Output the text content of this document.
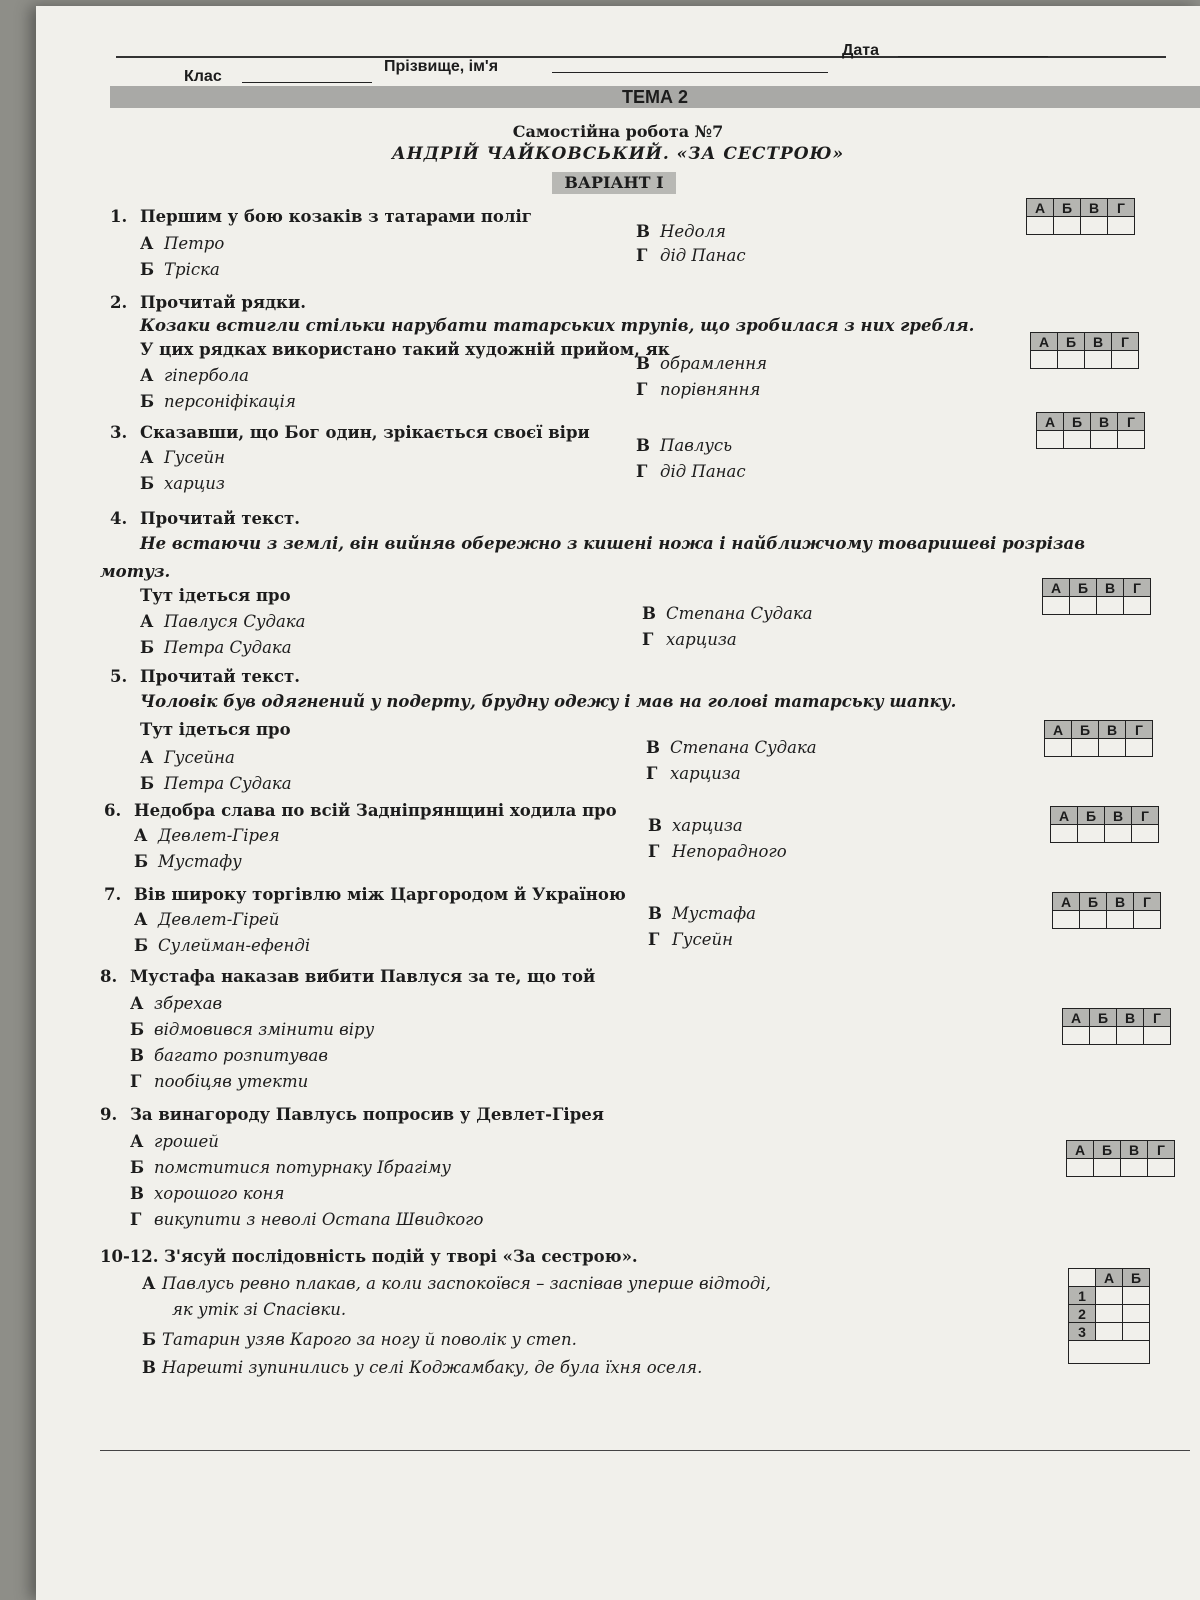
Клас
Прізвище, ім'я
Дата
ТЕМА 2
Самостійна робота №7
АНДРІЙ ЧАЙКОВСЬКИЙ. «ЗА СЕСТРОЮ»
ВАРІАНТ І
1. Першим у бою козаків з татарами поліг
А Петро
Б Тріска
В Недоля
Г дід Панас
А	Б	В	Г

2. Прочитай рядки.
Козаки встигли стільки нарубати татарських трупів, що зробилася з них гребля.
У цих рядках використано такий художній прийом, як
А гіпербола
Б персоніфікація
В обрамлення
Г порівняння
А	Б	В	Г

3. Сказавши, що Бог один, зрікається своєї віри
А Гусейн
Б харциз
В Павлусь
Г дід Панас
А	Б	В	Г

4. Прочитай текст.
Не встаючи з землі, він вийняв обережно з кишені ножа і найближчому товаришеві розрізав
мотуз.
Тут ідеться про
А Павлуся Судака
Б Петра Судака
В Степана Судака
Г харциза
А	Б	В	Г

5. Прочитай текст.
Чоловік був одягнений у подерту, брудну одежу і мав на голові татарську шапку.
Тут ідеться про
А Гусейна
Б Петра Судака
В Степана Судака
Г харциза
А	Б	В	Г

6. Недобра слава по всій Задніпрянщині ходила про
А Девлет-Гірея
Б Мустафу
В харциза
Г Непорадного
А	Б	В	Г

7. Вів широку торгівлю між Царгородом й Україною
А Девлет-Гірей
Б Сулейман-ефенді
В Мустафа
Г Гусейн
А	Б	В	Г

8. Мустафа наказав вибити Павлуся за те, що той
А збрехав
Б відмовився змінити віру
В багато розпитував
Г пообіцяв утекти
А	Б	В	Г

9. За винагороду Павлусь попросив у Девлет-Гірея
А грошей
Б помститися потурнаку Ібрагіму
В хорошого коня
Г викупити з неволі Остапа Швидкого
А	Б	В	Г

10-12. З'ясуй послідовність подій у творі «За сестрою».
А Павлусь ревно плакав, а коли заспокоївся – заспівав уперше відтоді,
як утік зі Спасівки.
Б Татарин узяв Карого за ногу й поволік у степ.
В Нарешті зупинились у селі Коджамбаку, де була їхня оселя.
	А	Б
1		
2		
3		
